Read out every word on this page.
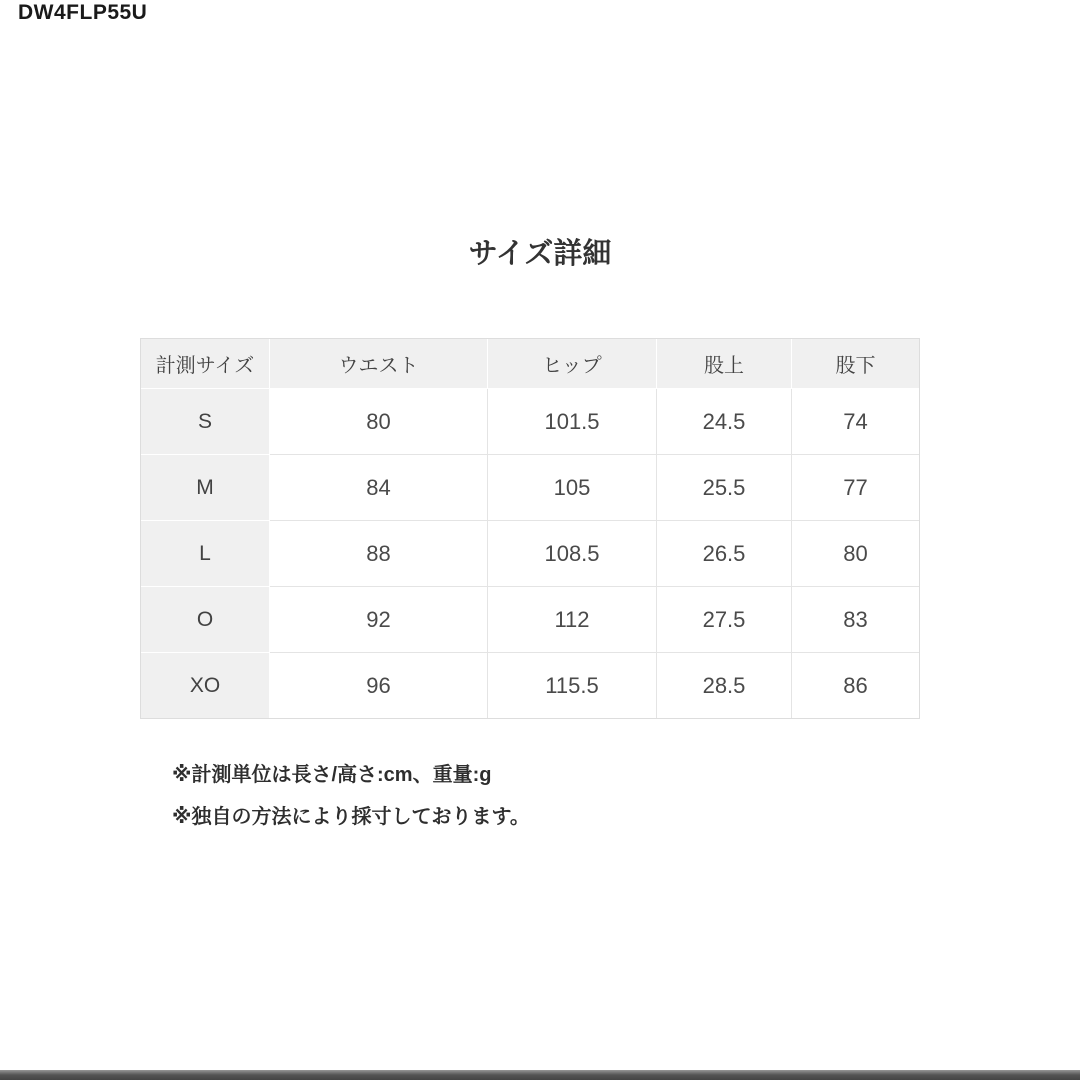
DW4FLP55U
サイズ詳細
計測サイズ	ウエスト	ヒップ	股上	股下
S	80	101.5	24.5	74
M	84	105	25.5	77
L	88	108.5	26.5	80
O	92	112	27.5	83
XO	96	115.5	28.5	86

※計測単位は長さ/高さ:cm、重量:g

※独自の方法により採寸しております。
